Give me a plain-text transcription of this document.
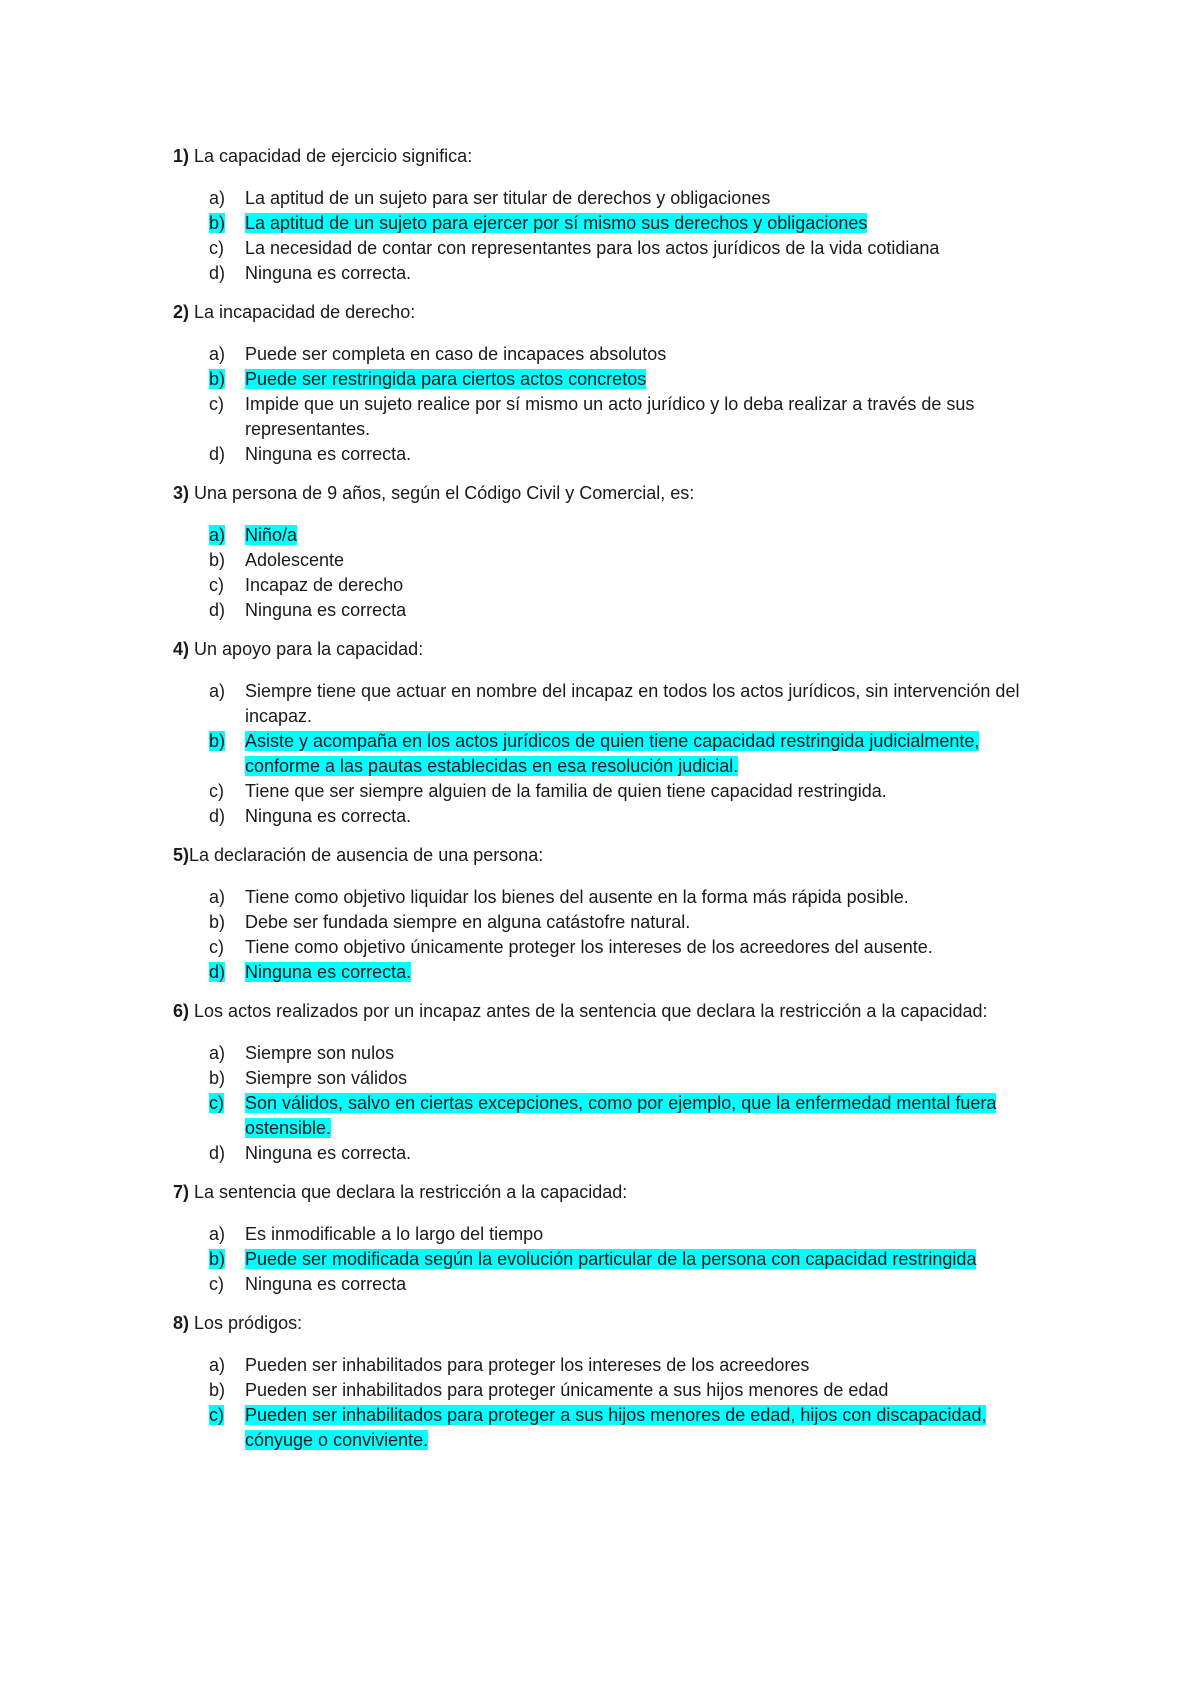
1) La capacidad de ejercicio significa:

a)	La aptitud de un sujeto para ser titular de derechos y obligaciones
b)	La aptitud de un sujeto para ejercer por sí mismo sus derechos y obligaciones
c)	La necesidad de contar con representantes para los actos jurídicos de la vida cotidiana
d)	Ninguna es correcta.

2) La incapacidad de derecho:

a)	Puede ser completa en caso de incapaces absolutos
b)	Puede ser restringida para ciertos actos concretos
c)	Impide que un sujeto realice por sí mismo un acto jurídico y lo deba realizar a través de sus representantes.
d)	Ninguna es correcta.

3) Una persona de 9 años, según el Código Civil y Comercial, es:

a)	Niño/a
b)	Adolescente
c)	Incapaz de derecho
d)	Ninguna es correcta

4) Un apoyo para la capacidad:

a)	Siempre tiene que actuar en nombre del incapaz en todos los actos jurídicos, sin intervención del incapaz.
b)	Asiste y acompaña en los actos jurídicos de quien tiene capacidad restringida judicialmente, conforme a las pautas establecidas en esa resolución judicial.
c)	Tiene que ser siempre alguien de la familia de quien tiene capacidad restringida.
d)	Ninguna es correcta.

5)La declaración de ausencia de una persona:

a)	Tiene como objetivo liquidar los bienes del ausente en la forma más rápida posible.
b)	Debe ser fundada siempre en alguna catástofre natural.
c)	Tiene como objetivo únicamente proteger los intereses de los acreedores del ausente.
d)	Ninguna es correcta.

6) Los actos realizados por un incapaz antes de la sentencia que declara la restricción a la capacidad:

a)	Siempre son nulos
b)	Siempre son válidos
c)	Son válidos, salvo en ciertas excepciones, como por ejemplo, que la enfermedad mental fuera ostensible.
d)	Ninguna es correcta.

7) La sentencia que declara la restricción a la capacidad:

a)	Es inmodificable a lo largo del tiempo
b)	Puede ser modificada según la evolución particular de la persona con capacidad restringida
c)	Ninguna es correcta

8) Los pródigos:

a)	Pueden ser inhabilitados para proteger los intereses de los acreedores
b)	Pueden ser inhabilitados para proteger únicamente a sus hijos menores de edad
c)	Pueden ser inhabilitados para proteger a sus hijos menores de edad, hijos con discapacidad, cónyuge o conviviente.
